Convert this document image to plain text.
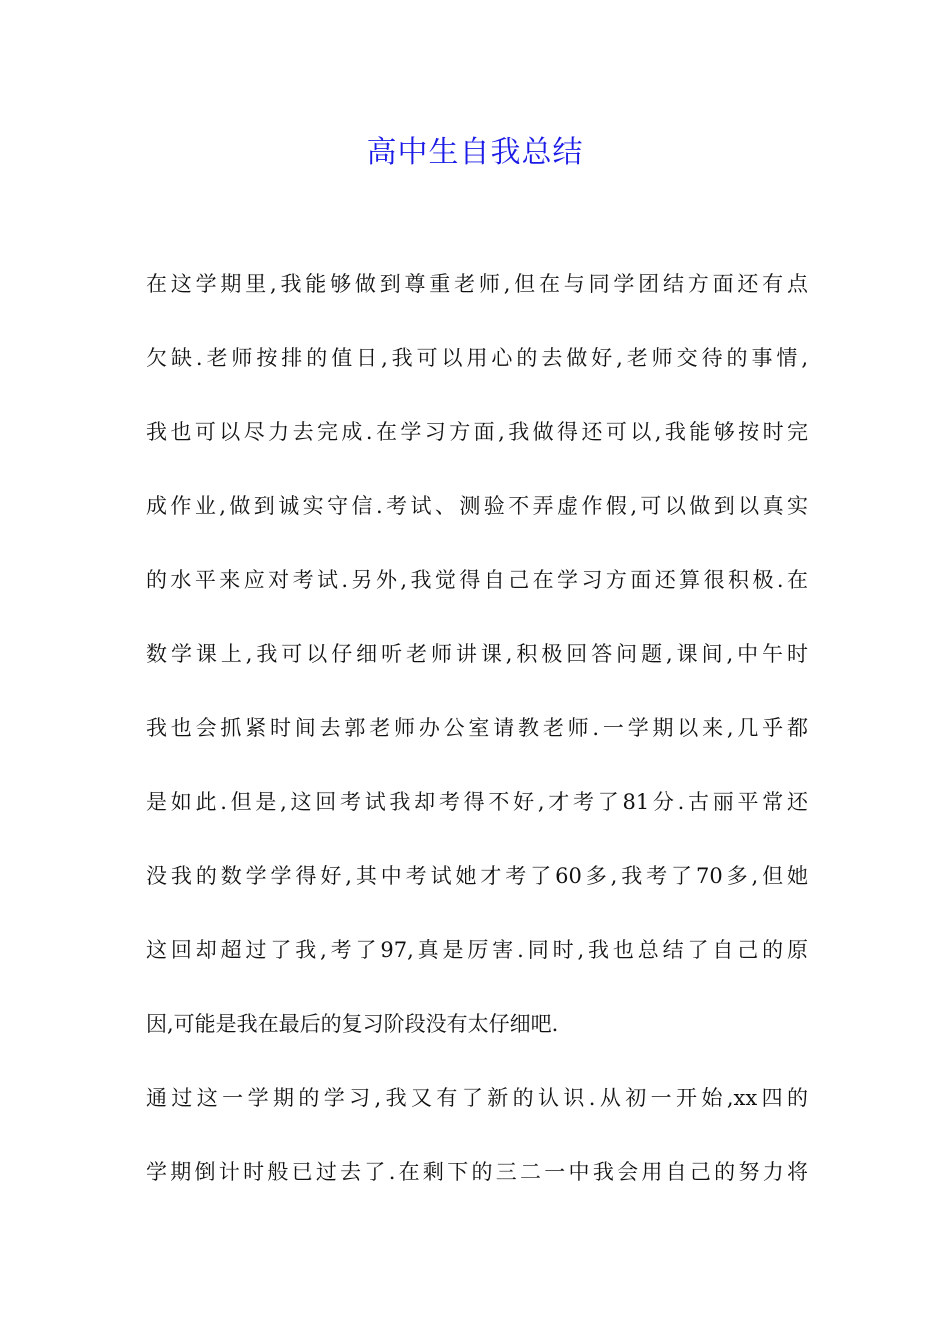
高中生自我总结
在这学期里,我能够做到尊重老师,但在与同学团结方面还有点
欠缺.老师按排的值日,我可以用心的去做好,老师交待的事情,
我也可以尽力去完成.在学习方面,我做得还可以,我能够按时完
成作业,做到诚实守信.考试、测验不弄虚作假,可以做到以真实
的水平来应对考试.另外,我觉得自己在学习方面还算很积极.在
数学课上,我可以仔细听老师讲课,积极回答问题,课间,中午时
我也会抓紧时间去郭老师办公室请教老师.一学期以来,几乎都
是如此.但是,这回考试我却考得不好,才考了81分.古丽平常还
没我的数学学得好,其中考试她才考了60多,我考了70多,但她
这回却超过了我,考了97,真是厉害.同时,我也总结了自己的原
因,可能是我在最后的复习阶段没有太仔细吧.
通过这一学期的学习,我又有了新的认识.从初一开始,xx四的
学期倒计时般已过去了.在剩下的三二一中我会用自己的努力将
